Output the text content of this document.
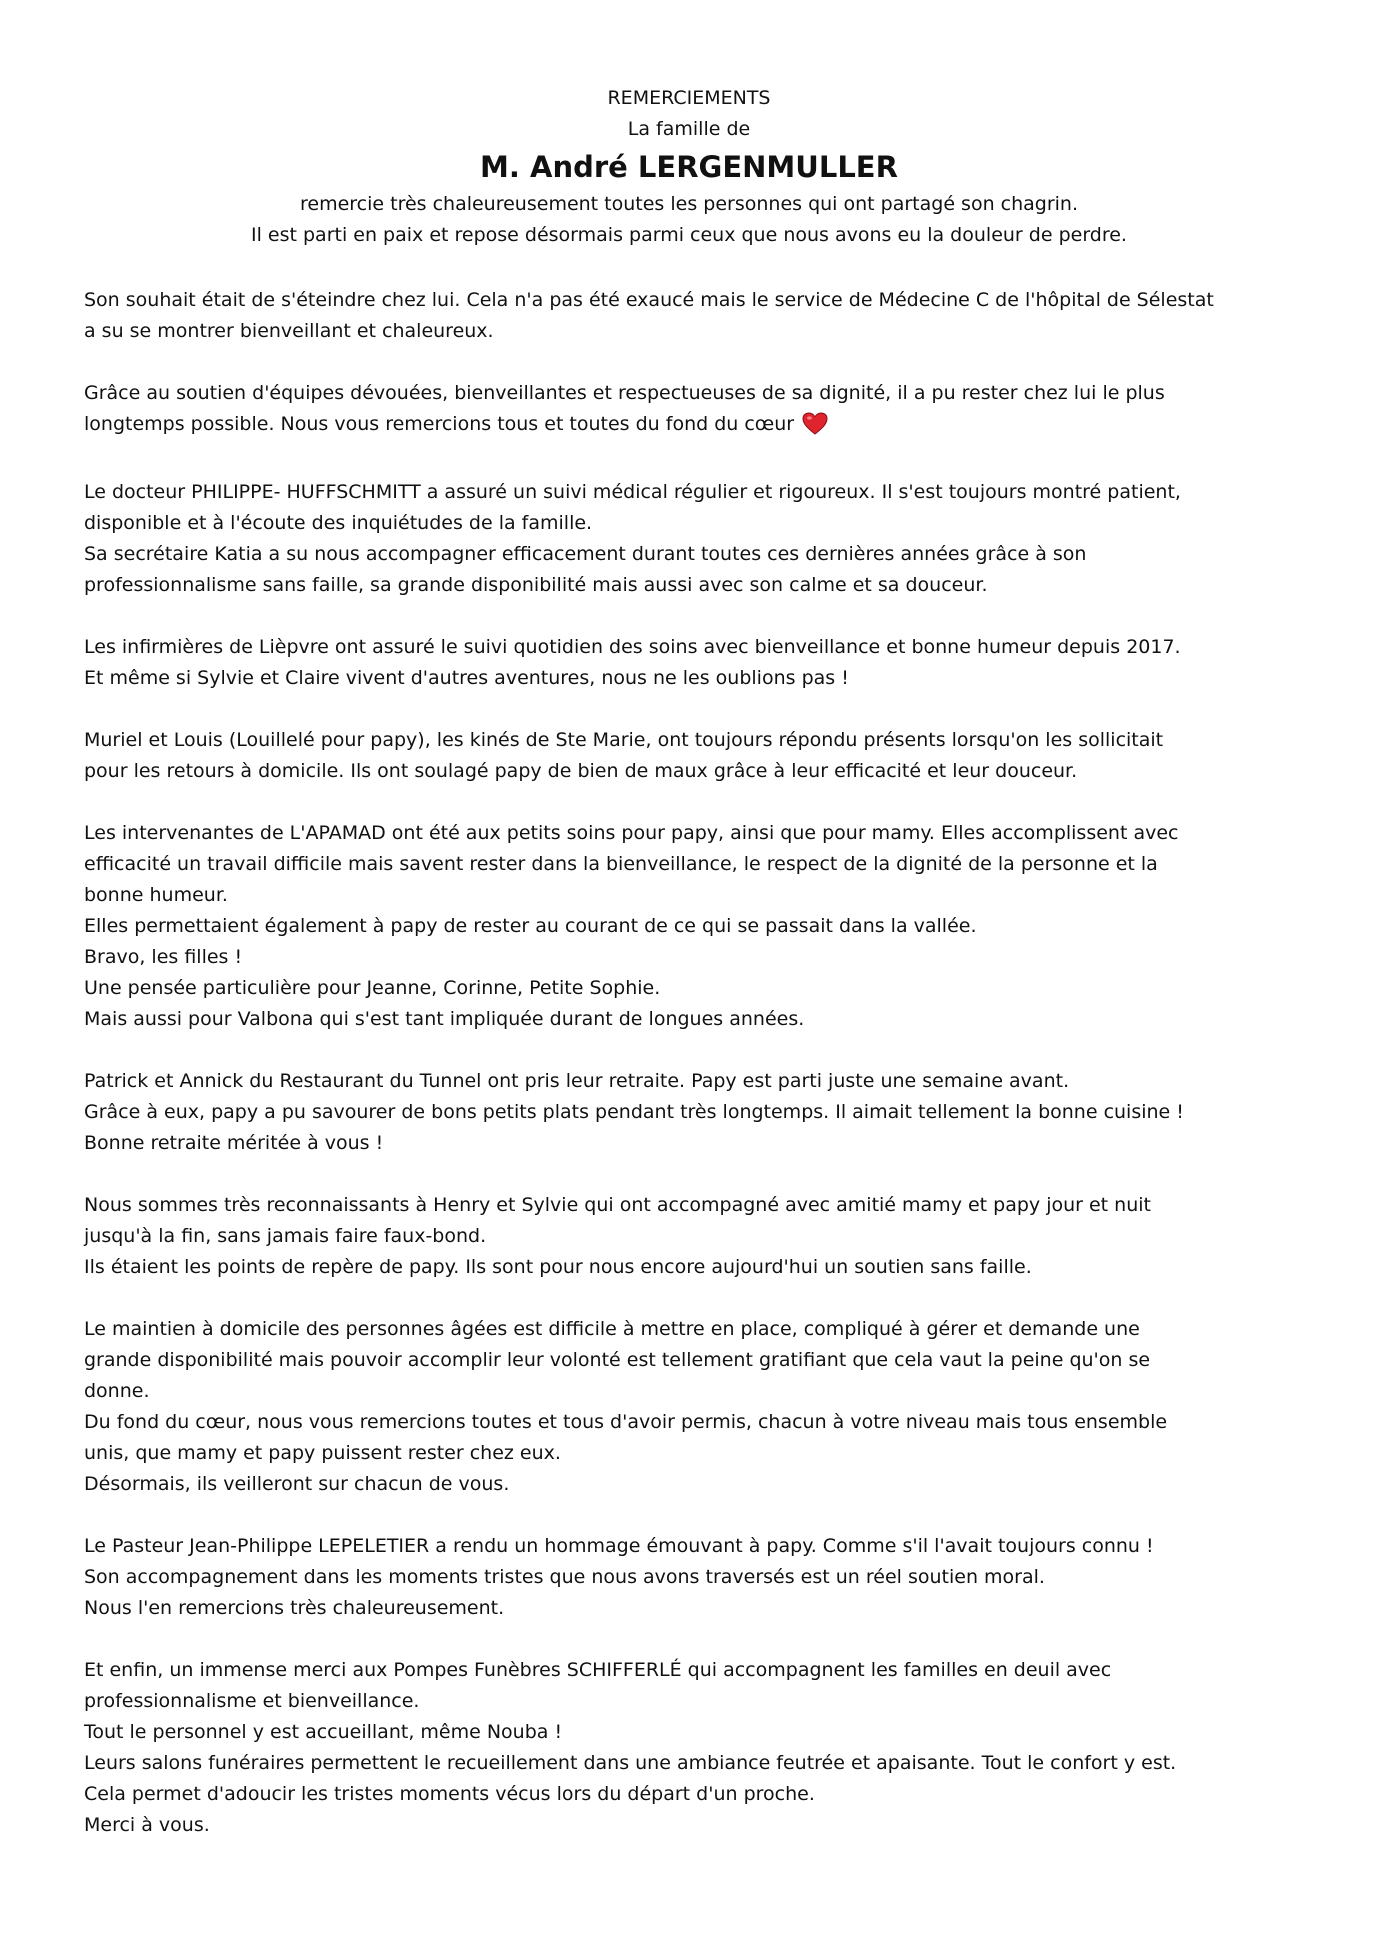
REMERCIEMENTS
La famille de
M. André LERGENMULLER
remercie très chaleureusement toutes les personnes qui ont partagé son chagrin.
Il est parti en paix et repose désormais parmi ceux que nous avons eu la douleur de perdre.
Son souhait était de s'éteindre chez lui. Cela n'a pas été exaucé mais le service de Médecine C de l'hôpital de Sélestat
a su se montrer bienveillant et chaleureux.
Grâce au soutien d'équipes dévouées, bienveillantes et respectueuses de sa dignité, il a pu rester chez lui le plus
longtemps possible. Nous vous remercions tous et toutes du fond du cœur
Le docteur PHILIPPE- HUFFSCHMITT a assuré un suivi médical régulier et rigoureux. Il s'est toujours montré patient,
disponible et à l'écoute des inquiétudes de la famille.
Sa secrétaire Katia a su nous accompagner efficacement durant toutes ces dernières années grâce à son
professionnalisme sans faille, sa grande disponibilité mais aussi avec son calme et sa douceur.
Les infirmières de Lièpvre ont assuré le suivi quotidien des soins avec bienveillance et bonne humeur depuis 2017.
Et même si Sylvie et Claire vivent d'autres aventures, nous ne les oublions pas !
Muriel et Louis (Louillelé pour papy), les kinés de Ste Marie, ont toujours répondu présents lorsqu'on les sollicitait
pour les retours à domicile. Ils ont soulagé papy de bien de maux grâce à leur efficacité et leur douceur.
Les intervenantes de L'APAMAD ont été aux petits soins pour papy, ainsi que pour mamy. Elles accomplissent avec
efficacité un travail difficile mais savent rester dans la bienveillance, le respect de la dignité de la personne et la
bonne humeur.
Elles permettaient également à papy de rester au courant de ce qui se passait dans la vallée.
Bravo, les filles !
Une pensée particulière pour Jeanne, Corinne, Petite Sophie.
Mais aussi pour Valbona qui s'est tant impliquée durant de longues années.
Patrick et Annick du Restaurant du Tunnel ont pris leur retraite. Papy est parti juste une semaine avant.
Grâce à eux, papy a pu savourer de bons petits plats pendant très longtemps. Il aimait tellement la bonne cuisine !
Bonne retraite méritée à vous !
Nous sommes très reconnaissants à Henry et Sylvie qui ont accompagné avec amitié mamy et papy jour et nuit
jusqu'à la fin, sans jamais faire faux-bond.
Ils étaient les points de repère de papy. Ils sont pour nous encore aujourd'hui un soutien sans faille.
Le maintien à domicile des personnes âgées est difficile à mettre en place, compliqué à gérer et demande une
grande disponibilité mais pouvoir accomplir leur volonté est tellement gratifiant que cela vaut la peine qu'on se
donne.
Du fond du cœur, nous vous remercions toutes et tous d'avoir permis, chacun à votre niveau mais tous ensemble
unis, que mamy et papy puissent rester chez eux.
Désormais, ils veilleront sur chacun de vous.
Le Pasteur Jean-Philippe LEPELETIER a rendu un hommage émouvant à papy. Comme s'il l'avait toujours connu !
Son accompagnement dans les moments tristes que nous avons traversés est un réel soutien moral.
Nous l'en remercions très chaleureusement.
Et enfin, un immense merci aux Pompes Funèbres SCHIFFERLÉ qui accompagnent les familles en deuil avec
professionnalisme et bienveillance.
Tout le personnel y est accueillant, même Nouba !
Leurs salons funéraires permettent le recueillement dans une ambiance feutrée et apaisante. Tout le confort y est.
Cela permet d'adoucir les tristes moments vécus lors du départ d'un proche.
Merci à vous.
